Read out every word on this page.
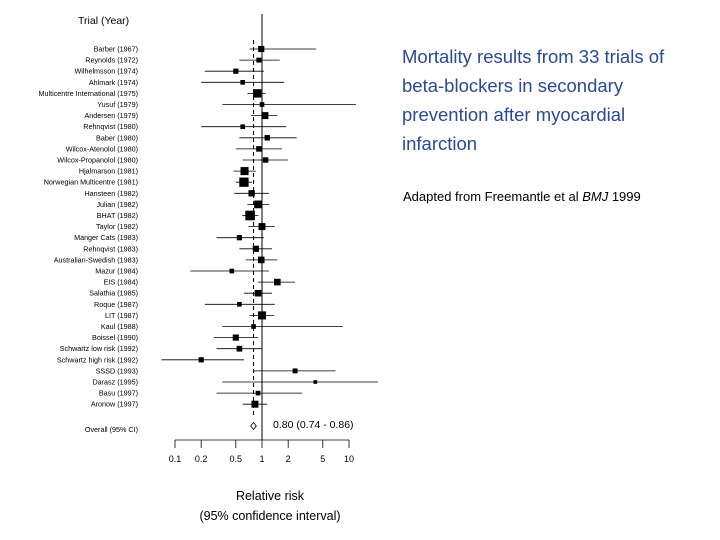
Trial (Year)
Barber (1967)
Reynolds (1972)
Wilhelmsson (1974)
Ahlmark (1974)
Multicentre International (1975)
Yusuf (1979)
Andersen (1979)
Rehnqvist (1980)
Baber (1980)
Wilcox-Atenolol (1980)
Wilcox-Propanolol (1980)
Hjalmarson (1981)
Norwegian Multicentre (1981)
Hansteen (1982)
Julian (1982)
BHAT (1982)
Taylor (1982)
Manger Cats (1983)
Rehnqvist (1983)
Australian-Swedish (1983)
Mazur (1984)
EIS (1984)
Salathia (1985)
Roque (1987)
LIT (1987)
Kaul (1988)
Boissel (1990)
Schwartz low risk (1992)
Schwartz high risk (1992)
SSSD (1993)
Darasz (1995)
Basu (1997)
Aronow (1997)
0.1 0.2 0.5 1 2	5 10
Overall (95% CI)	0.80 (0.74 - 0.86)

Mortality results from 33 trials of beta-blockers in secondary prevention after myocardial infarction

Adapted from Freemantle et al BMJ 1999

Relative risk
(95% confidence interval)
